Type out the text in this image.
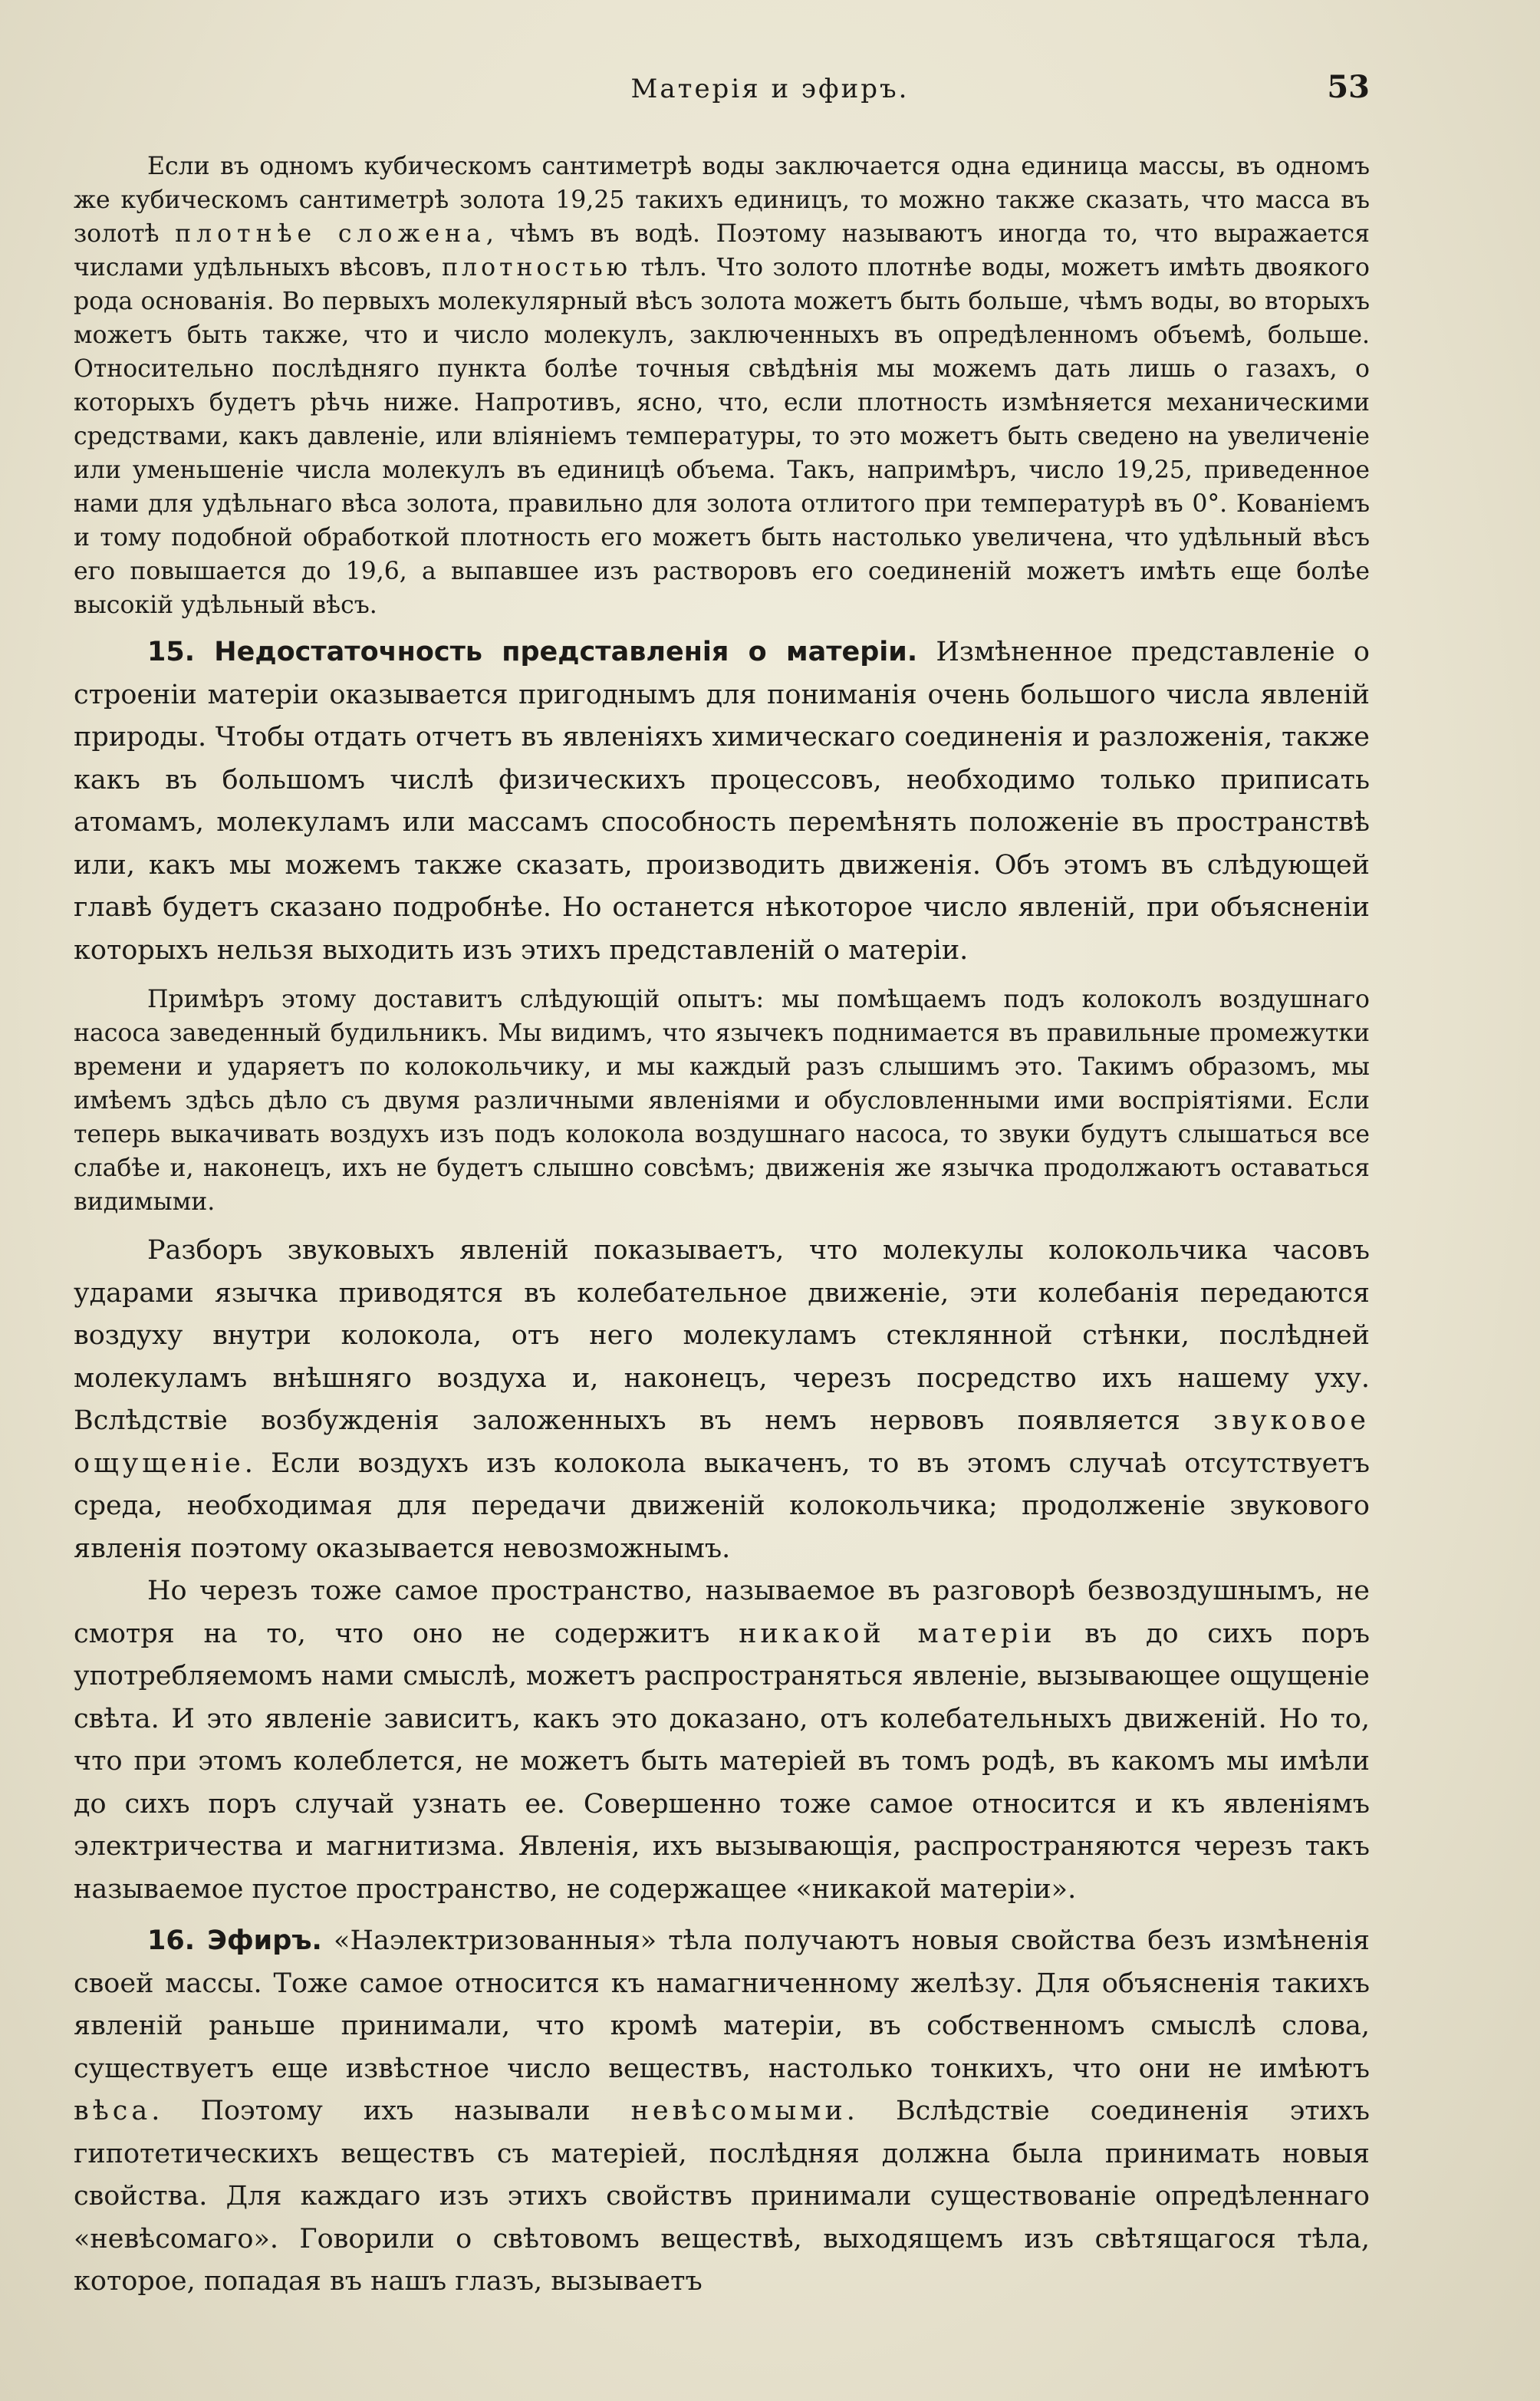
Матерія и эфиръ.	53

Если въ одномъ кубическомъ сантиметрѣ воды заключается одна единица массы, въ одномъ же кубическомъ сантиметрѣ золота 19,25 такихъ единицъ, то можно также сказать, что масса въ золотѣ плотнѣе сложена, чѣмъ въ водѣ. Поэтому называютъ иногда то, что выражается числами удѣльныхъ вѣсовъ, плотностью тѣлъ. Что золото плотнѣе воды, можетъ имѣть двоякого рода основанія. Во первыхъ молекулярный вѣсъ золота можетъ быть больше, чѣмъ воды, во вторыхъ можетъ быть также, что и число молекулъ, заключенныхъ въ опредѣленномъ объемѣ, больше. Относительно послѣдняго пункта болѣе точныя свѣдѣнія мы можемъ дать лишь о газахъ, о которыхъ будетъ рѣчь ниже. Напротивъ, ясно, что, если плотность измѣняется механическими средствами, какъ давленіе, или вліяніемъ температуры, то это можетъ быть сведено на увеличеніе или уменьшеніе числа молекулъ въ единицѣ объема. Такъ, напримѣръ, число 19,25, приведенное нами для удѣльнаго вѣса золота, правильно для золота отлитого при температурѣ въ 0°. Кованіемъ и тому подобной обработкой плотность его можетъ быть настолько увеличена, что удѣльный вѣсъ его повышается до 19,6, а выпавшее изъ растворовъ его соединеній можетъ имѣть еще болѣе высокій удѣльный вѣсъ.

15. Недостаточность представленія о матеріи. Измѣненное представленіе о строеніи матеріи оказывается пригоднымъ для пониманія очень большого числа явленій природы. Чтобы отдать отчетъ въ явленіяхъ химическаго соединенія и разложенія, также какъ въ большомъ числѣ физическихъ процессовъ, необходимо только приписать атомамъ, молекуламъ или массамъ способность перемѣнять положеніе въ пространствѣ или, какъ мы можемъ также сказать, производить движенія. Объ этомъ въ слѣдующей главѣ будетъ сказано подробнѣе. Но останется нѣкоторое число явленій, при объясненіи которыхъ нельзя выходить изъ этихъ представленій о матеріи.

Примѣръ этому доставитъ слѣдующій опытъ: мы помѣщаемъ подъ колоколъ воздушнаго насоса заведенный будильникъ. Мы видимъ, что язычекъ поднимается въ правильные промежутки времени и ударяетъ по колокольчику, и мы каждый разъ слышимъ это. Такимъ образомъ, мы имѣемъ здѣсь дѣло съ двумя различными явленіями и обусловленными ими воспріятіями. Если теперь выкачивать воздухъ изъ подъ колокола воздушнаго насоса, то звуки будутъ слышаться все слабѣе и, наконецъ, ихъ не будетъ слышно совсѣмъ; движенія же язычка продолжаютъ оставаться видимыми.

Разборъ звуковыхъ явленій показываетъ, что молекулы колокольчика часовъ ударами язычка приводятся въ колебательное движеніе, эти колебанія передаются воздуху внутри колокола, отъ него молекуламъ стеклянной стѣнки, послѣдней молекуламъ внѣшняго воздуха и, наконецъ, черезъ посредство ихъ нашему уху. Вслѣдствіе возбужденія заложенныхъ въ немъ нервовъ появляется звуковое ощущеніе. Если воздухъ изъ колокола выкаченъ, то въ этомъ случаѣ отсутствуетъ среда, необходимая для передачи движеній колокольчика; продолженіе звукового явленія поэтому оказывается невозможнымъ.

Но черезъ тоже самое пространство, называемое въ разговорѣ безвоздушнымъ, не смотря на то, что оно не содержитъ никакой матеріи въ до сихъ поръ употребляемомъ нами смыслѣ, можетъ распространяться явленіе, вызывающее ощущеніе свѣта. И это явленіе зависитъ, какъ это доказано, отъ колебательныхъ движеній. Но то, что при этомъ колеблется, не можетъ быть матеріей въ томъ родѣ, въ какомъ мы имѣли до сихъ поръ случай узнать ее. Совершенно тоже самое относится и къ явленіямъ электричества и магнитизма. Явленія, ихъ вызывающія, распространяются черезъ такъ называемое пустое пространство, не содержащее «никакой матеріи».

16. Эфиръ. «Наэлектризованныя» тѣла получаютъ новыя свойства безъ измѣненія своей массы. Тоже самое относится къ намагниченному желѣзу. Для объясненія такихъ явленій раньше принимали, что кромѣ матеріи, въ собственномъ смыслѣ слова, существуетъ еще извѣстное число веществъ, настолько тонкихъ, что они не имѣютъ вѣса. Поэтому ихъ называли невѣсомыми. Вслѣдствіе соединенія этихъ гипотетическихъ веществъ съ матеріей, послѣдняя должна была принимать новыя свойства. Для каждаго изъ этихъ свойствъ принимали существованіе опредѣленнаго «невѣсомаго». Говорили о свѣтовомъ веществѣ, выходящемъ изъ свѣтящагося тѣла, которое, попадая въ нашъ глазъ, вызываетъ
